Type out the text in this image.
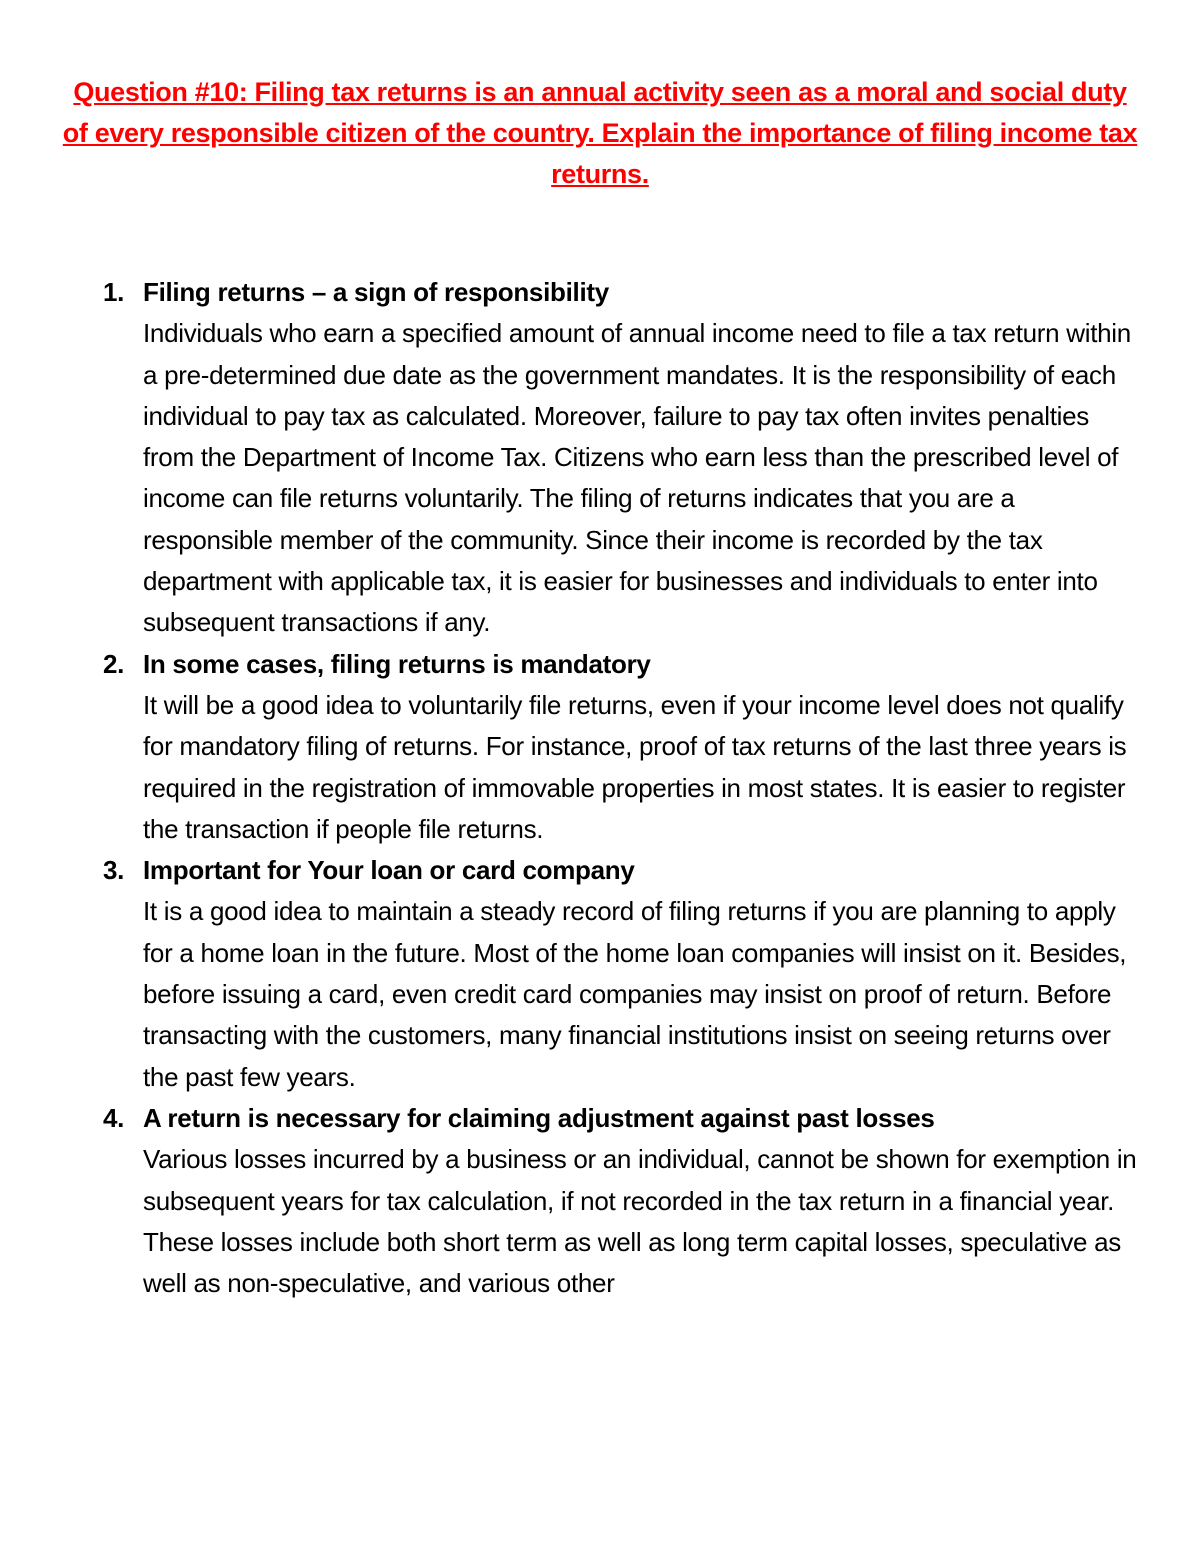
Question #10: Filing tax returns is an annual activity seen as a moral and social duty of every responsible citizen of the country. Explain the importance of filing income tax returns.
1. Filing returns – a sign of responsibility
Individuals who earn a specified amount of annual income need to file a tax return within a pre-determined due date as the government mandates. It is the responsibility of each individual to pay tax as calculated. Moreover, failure to pay tax often invites penalties from the Department of Income Tax. Citizens who earn less than the prescribed level of income can file returns voluntarily. The filing of returns indicates that you are a responsible member of the community. Since their income is recorded by the tax department with applicable tax, it is easier for businesses and individuals to enter into subsequent transactions if any.
2. In some cases, filing returns is mandatory
It will be a good idea to voluntarily file returns, even if your income level does not qualify for mandatory filing of returns. For instance, proof of tax returns of the last three years is required in the registration of immovable properties in most states. It is easier to register the transaction if people file returns.
3. Important for Your loan or card company
It is a good idea to maintain a steady record of filing returns if you are planning to apply for a home loan in the future. Most of the home loan companies will insist on it. Besides, before issuing a card, even credit card companies may insist on proof of return. Before transacting with the customers, many financial institutions insist on seeing returns over the past few years.
4. A return is necessary for claiming adjustment against past losses
Various losses incurred by a business or an individual, cannot be shown for exemption in subsequent years for tax calculation, if not recorded in the tax return in a financial year. These losses include both short term as well as long term capital losses, speculative as well as non-speculative, and various other
